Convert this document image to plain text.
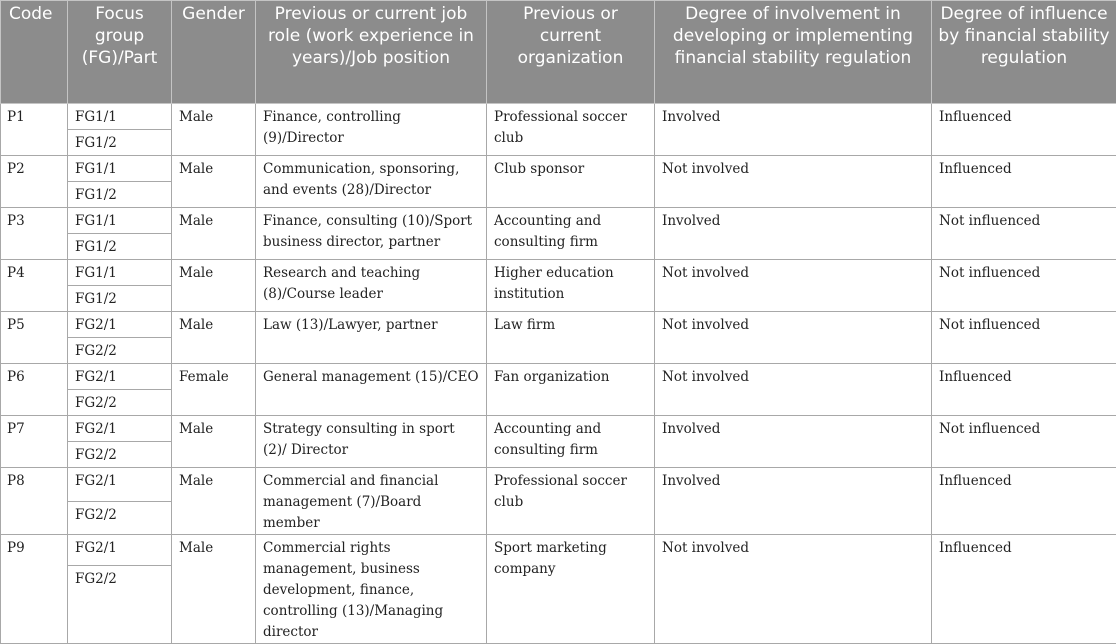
Code	Focus group (FG)/Part	Gender	Previous or current job role (work experience in years)/Job position	Previous or current organization	Degree of involvement in developing or implementing financial stability regulation	Degree of influence by financial stability regulation
P1	FG1/1	Male	Finance, controlling (9)/Director	Professional soccer club	Involved	Influenced
	FG1/2					
P2	FG1/1	Male	Communication, sponsoring, and events (28)/Director	Club sponsor	Not involved	Influenced
	FG1/2					
P3	FG1/1	Male	Finance, consulting (10)/Sport business director, partner	Accounting and consulting firm	Involved	Not influenced
	FG1/2					
P4	FG1/1	Male	Research and teaching (8)/Course leader	Higher education institution	Not involved	Not influenced
	FG1/2					
P5	FG2/1	Male	Law (13)/Lawyer, partner	Law firm	Not involved	Not influenced
	FG2/2					
P6	FG2/1	Female	General management (15)/CEO	Fan organization	Not involved	Influenced
	FG2/2					
P7	FG2/1	Male	Strategy consulting in sport (2)/ Director	Accounting and consulting firm	Involved	Not influenced
	FG2/2					
P8	FG2/1	Male	Commercial and financial management (7)/Board member	Professional soccer club	Involved	Influenced
	FG2/2					
P9	FG2/1	Male	Commercial rights management, business development, finance, controlling (13)/Managing director	Sport marketing company	Not involved	Influenced
	FG2/2					
